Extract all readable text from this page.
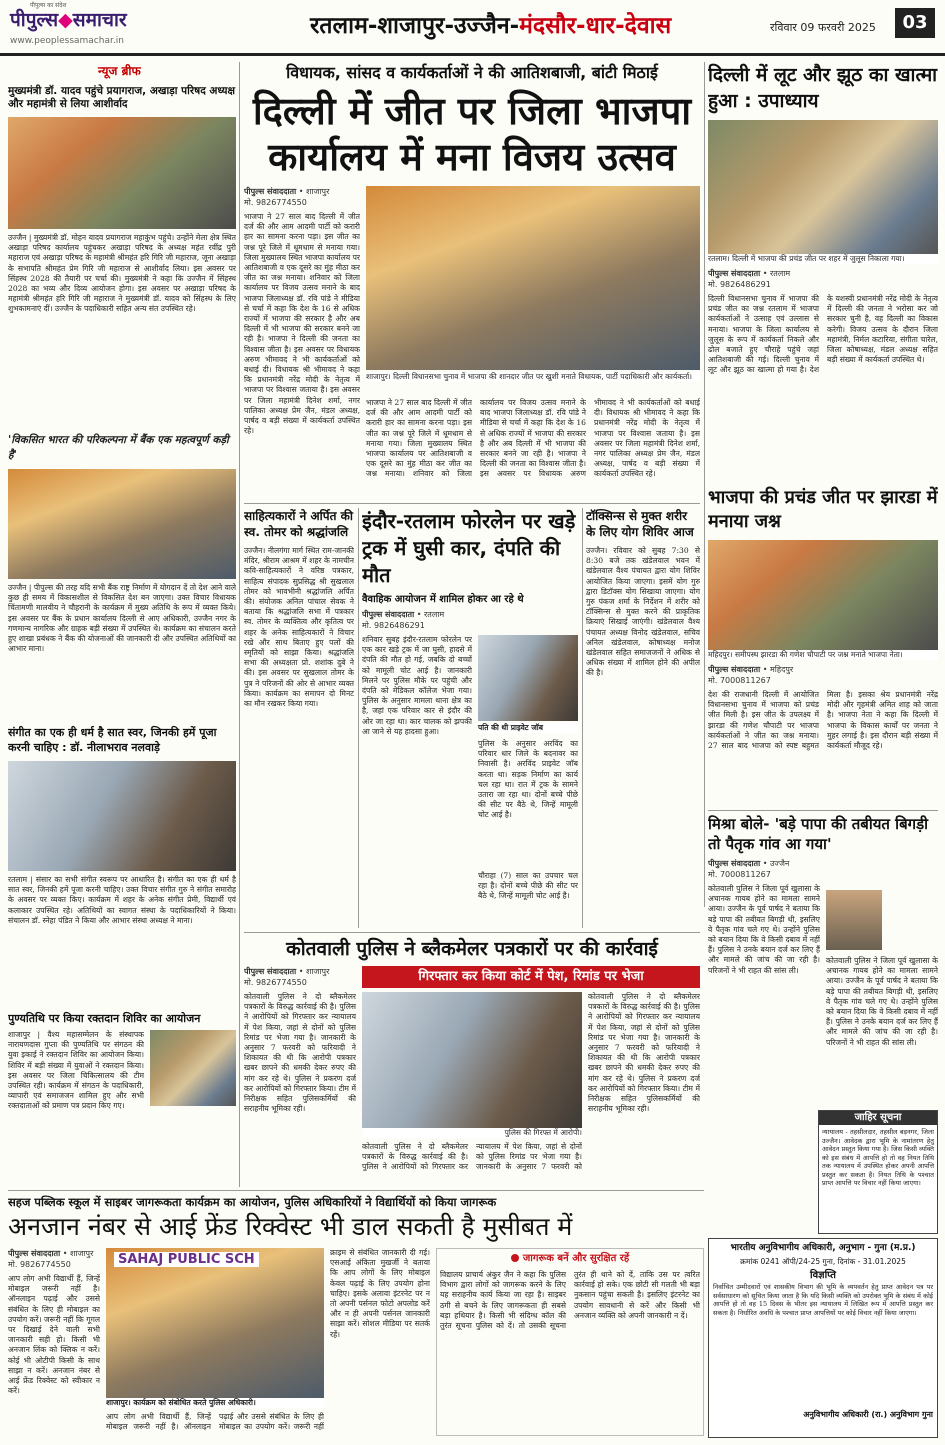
पीपुल्स का संदेश
पीपुल्स◆समाचार
www.peoplessamachar.in
रतलाम-शाजापुर-उज्जैन-मंदसौर-धार-देवास	रविवार 09 फरवरी 2025	03
न्यूज ब्रीफ
मुख्यमंत्री डॉ. यादव पहुंचे प्रयागराज, अखाड़ा परिषद अध्यक्ष और महामंत्री से लिया आशीर्वाद
उज्जैन | मुख्यमंत्री डॉ. मोहन यादव प्रयागराज महाकुंभ पहुंचे। उन्होंने मेला क्षेत्र स्थित अखाड़ा परिषद कार्यालय पहुंचकर अखाड़ा परिषद के अध्यक्ष महंत रवींद्र पुरी महाराज एवं अखाड़ा परिषद के महामंत्री श्रीमहंत हरि गिरि जी महाराज, जूना अखाड़ा के सभापति श्रीमहंत प्रेम गिरि जी महाराज से आशीर्वाद लिया। इस अवसर पर सिंहस्थ 2028 की तैयारी पर चर्चा की। मुख्यमंत्री ने कहा कि उज्जैन में सिंहस्थ 2028 का भव्य और दिव्य आयोजन होगा। इस अवसर पर अखाड़ा परिषद के महामंत्री श्रीमहंत हरि गिरि जी महाराज ने मुख्यमंत्री डॉ. यादव को सिंहस्थ के लिए शुभकामनाएं दीं। उज्जैन के पदाधिकारी सहित अन्य संत उपस्थित रहे।
'विकसित भारत की परिकल्पना में बैंक एक महत्वपूर्ण कड़ी है'
उज्जैन | पीपुल्स की तरह यदि सभी बैंक राष्ट्र निर्माण में योगदान दें तो देश आने वाले कुछ ही समय में विकासशील से विकसित देश बन जाएगा। उक्त विचार विधायक चिंतामणी मालवीय ने चौहरानी के कार्यक्रम में मुख्य अतिथि के रूप में व्यक्त किये। इस अवसर पर बैंक के प्रधान कार्यालय दिल्ली से आए अधिकारी, उज्जैन नगर के गणमान्य नागरिक और ग्राहक बड़ी संख्या में उपस्थित थे। कार्यक्रम का संचालन करते हुए शाखा प्रबंधक ने बैंक की योजनाओं की जानकारी दी और उपस्थित अतिथियों का आभार माना।
संगीत का एक ही धर्म है सात स्वर, जिनकी हमें पूजा करनी चाहिए : डॉ. नीलाभराव नलवाड़े
रतलाम | संसार का सभी संगीत स्वरूप पर आधारित है। संगीत का एक ही धर्म है सात स्वर, जिनकी हमें पूजा करनी चाहिए। उक्त विचार संगीत गुरु ने संगीत समारोह के अवसर पर व्यक्त किए। कार्यक्रम में शहर के अनेक संगीत प्रेमी, विद्यार्थी एवं कलाकार उपस्थित रहे। अतिथियों का स्वागत संस्था के पदाधिकारियों ने किया। संचालन डॉ. स्नेहा पंडित ने किया और आभार संस्था अध्यक्ष ने माना।
पुण्यतिथि पर किया रक्तदान शिविर का आयोजन
शाजापुर | वैश्य महासम्मेलन के संस्थापक नारायणदास गुप्ता की पुण्यतिथि पर संगठन की युवा इकाई ने रक्तदान शिविर का आयोजन किया। शिविर में बड़ी संख्या में युवाओं ने रक्तदान किया। इस अवसर पर जिला चिकित्सालय की टीम उपस्थित रही। कार्यक्रम में संगठन के पदाधिकारी, व्यापारी एवं समाजजन शामिल हुए और सभी रक्तदाताओं को प्रमाण पत्र प्रदान किए गए।
विधायक, सांसद व कार्यकर्ताओं ने की आतिशबाजी, बांटी मिठाई
दिल्ली में जीत पर जिला भाजपा कार्यालय में मना विजय उत्सव
पीपुल्स संवाददाता • शाजापुर
मो. 9826774550
भाजपा ने 27 साल बाद दिल्ली में जीत दर्ज की और आम आदमी पार्टी को करारी हार का सामना करना पड़ा। इस जीत का जश्न पूरे जिले में धूमधाम से मनाया गया। जिला मुख्यालय स्थित भाजपा कार्यालय पर आतिशबाजी व एक दूसरे का मुंह मीठा कर जीत का जश्न मनाया। शनिवार को जिला कार्यालय पर विजय उत्सव मनाने के बाद भाजपा जिलाध्यक्ष डॉ. रवि पांडे ने मीडिया से चर्चा में कहा कि देश के 16 से अधिक राज्यों में भाजपा की सरकार है और अब दिल्ली में भी भाजपा की सरकार बनने जा रही है। भाजपा ने दिल्ली की जनता का विश्वास जीता है। इस अवसर पर विधायक अरुण भीमावद ने भी कार्यकर्ताओं को बधाई दी। विधायक श्री भीमावद ने कहा कि प्रधानमंत्री नरेंद्र मोदी के नेतृत्व में भाजपा पर विश्वास जताया है। इस अवसर पर जिला महामंत्री दिनेश शर्मा, नगर पालिका अध्यक्ष प्रेम जैन, मंडल अध्यक्ष, पार्षद व बड़ी संख्या में कार्यकर्ता उपस्थित रहे।
शाजापुर। दिल्ली विधानसभा चुनाव में भाजपा की शानदार जीत पर खुशी मनाते विधायक, पार्टी पदाधिकारी और कार्यकर्ता।
भाजपा ने 27 साल बाद दिल्ली में जीत दर्ज की और आम आदमी पार्टी को करारी हार का सामना करना पड़ा। इस जीत का जश्न पूरे जिले में धूमधाम से मनाया गया। जिला मुख्यालय स्थित भाजपा कार्यालय पर आतिशबाजी व एक दूसरे का मुंह मीठा कर जीत का जश्न मनाया। शनिवार को जिला कार्यालय पर विजय उत्सव मनाने के बाद भाजपा जिलाध्यक्ष डॉ. रवि पांडे ने मीडिया से चर्चा में कहा कि देश के 16 से अधिक राज्यों में भाजपा की सरकार है और अब दिल्ली में भी भाजपा की सरकार बनने जा रही है। भाजपा ने दिल्ली की जनता का विश्वास जीता है। इस अवसर पर विधायक अरुण भीमावद ने भी कार्यकर्ताओं को बधाई दी। विधायक श्री भीमावद ने कहा कि प्रधानमंत्री नरेंद्र मोदी के नेतृत्व में भाजपा पर विश्वास जताया है। इस अवसर पर जिला महामंत्री दिनेश शर्मा, नगर पालिका अध्यक्ष प्रेम जैन, मंडल अध्यक्ष, पार्षद व बड़ी संख्या में कार्यकर्ता उपस्थित रहे।
दिल्ली में लूट और झूठ का खात्मा हुआ : उपाध्याय
रतलाम। दिल्ली में भाजपा की प्रचंड जीत पर शहर में जुलूस निकाला गया।
पीपुल्स संवाददाता • रतलाम
मो. 9826486291
दिल्ली विधानसभा चुनाव में भाजपा की प्रचंड जीत का जश्न रतलाम में भाजपा कार्यकर्ताओं ने उत्साह एवं उल्लास से मनाया। भाजपा के जिला कार्यालय से जुलूस के रूप में कार्यकर्ता निकले और ढोल बजाते हुए चौराहे पहुंचे जहां आतिशबाजी की गई। दिल्ली चुनाव में लूट और झूठ का खात्मा हो गया है। देश के यशस्वी प्रधानमंत्री नरेंद्र मोदी के नेतृत्व में दिल्ली की जनता ने भरोसा कर जो सरकार चुनी है, वह दिल्ली का विकास करेगी। विजय उत्सव के दौरान जिला महामंत्री, निर्मल कटारिया, संगीता चारेल, जिला कोषाध्यक्ष, मंडल अध्यक्ष सहित बड़ी संख्या में कार्यकर्ता उपस्थित थे।
साहित्यकारों ने अर्पित की स्व. तोमर को श्रद्धांजलि
उज्जैन। नीलगंगा मार्ग स्थित राम-जानकी मंदिर, श्रीराम आश्रम में शहर के नामचीन कवि-साहित्यकारों ने वरिष्ठ पत्रकार, साहित्य संपादक सुप्रसिद्ध श्री सुखलाल तोमर को भावभीनी श्रद्धांजलि अर्पित की। संयोजक अनिल पांचाल सेवक ने बताया कि श्रद्धांजलि सभा में पत्रकार स्व. तोमर के व्यक्तित्व और कृतित्व पर शहर के अनेक साहित्यकारों ने विचार रखे और साथ बिताए हुए पलों की स्मृतियों को साझा किया। श्रद्धांजलि सभा की अध्यक्षता प्रो. शशांक दुबे ने की। इस अवसर पर सुखलाल तोमर के पुत्र ने परिजनों की ओर से आभार व्यक्त किया। कार्यक्रम का समापन दो मिनट का मौन रखकर किया गया।
इंदौर-रतलाम फोरलेन पर खड़े ट्रक में घुसी कार, दंपति की मौत
वैवाहिक आयोजन में शामिल होकर आ रहे थे
पीपुल्स संवाददाता • रतलाम
मो. 9826486291
शनिवार सुबह इंदौर-रतलाम फोरलेन पर एक कार खड़े ट्रक में जा घुसी, हादसे में दंपति की मौत हो गई, जबकि दो बच्चों को मामूली चोट आई है। जानकारी मिलने पर पुलिस मौके पर पहुंची और दंपति को मेडिकल कॉलेज भेजा गया। पुलिस के अनुसार मामला थाना क्षेत्र का है, जहां एक परिवार कार से इंदौर की ओर जा रहा था। कार चालक को झपकी आ जाने से यह हादसा हुआ।	पति की थी प्राइवेट जॉब
पुलिस के अनुसार अरविंद का परिवार धार जिले के बदनावर का निवासी है। अरविंद प्राइवेट जॉब करता था। सड़क निर्माण का कार्य चल रहा था। रात में ट्रक के सामने उतारा जा रहा था। दोनों बच्चे पीछे की सीट पर बैठे थे, जिन्हें मामूली चोट आई है।
चौराहा (7) साल का उपचार चल रहा है। दोनों बच्चे पीछे की सीट पर बैठे थे, जिन्हें मामूली चोट आई है।
टॉक्सिन्स से मुक्त शरीर के लिए योग शिविर आज
उज्जैन। रविवार को सुबह 7:30 से 8:30 बजे तक खंडेलवाल भवन में खंडेलवाल वैश्य पंचायत द्वारा योग शिविर आयोजित किया जाएगा। इसमें योग गुरु द्वारा डिटॉक्स योग सिखाया जाएगा। योग गुरु पंकज शर्मा के निर्देशन में शरीर को टॉक्सिन्स से मुक्त करने की प्राकृतिक क्रियाएं सिखाई जाएंगी। खंडेलवाल वैश्य पंचायत अध्यक्ष विनोद खंडेलवाल, सचिव अनिल खंडेलवाल, कोषाध्यक्ष मनोज खंडेलवाल सहित समाजजनों ने अधिक से अधिक संख्या में शामिल होने की अपील की है।
भाजपा की प्रचंड जीत पर झारडा में मनाया जश्न
महिदपुर। समीपस्थ झारडा की गणेश चौपाटी पर जश्न मनाते भाजपा नेता।
पीपुल्स संवाददाता • महिदपुर
मो. 7000811267
देश की राजधानी दिल्ली में आयोजित विधानसभा चुनाव में भाजपा को प्रचंड जीत मिली है। इस जीत के उपलक्ष्य में झारडा की गणेश चौपाटी पर भाजपा कार्यकर्ताओं ने जीत का जश्न मनाया। 27 साल बाद भाजपा को स्पष्ट बहुमत मिला है। इसका श्रेय प्रधानमंत्री नरेंद्र मोदी और गृहमंत्री अमित शाह को जाता है। भाजपा नेता ने कहा कि दिल्ली में भाजपा के विकास कार्यों पर जनता ने मुहर लगाई है। इस दौरान बड़ी संख्या में कार्यकर्ता मौजूद रहे।
मिश्रा बोले- 'बड़े पापा की तबीयत बिगड़ी तो पैतृक गांव आ गया'
पीपुल्स संवाददाता • उज्जैन
मो. 7000811267
कोतवाली पुलिस ने जिला पूर्व खुलासा के अचानक गायब होने का मामला सामने आया। उज्जैन के पूर्व पार्षद ने बताया कि बड़े पापा की तबीयत बिगड़ी थी, इसलिए वे पैतृक गांव चले गए थे। उन्होंने पुलिस को बयान दिया कि वे किसी दबाव में नहीं हैं। पुलिस ने उनके बयान दर्ज कर लिए हैं और मामले की जांच की जा रही है। परिजनों ने भी राहत की सांस ली।
कोतवाली पुलिस ने जिला पूर्व खुलासा के अचानक गायब होने का मामला सामने आया। उज्जैन के पूर्व पार्षद ने बताया कि बड़े पापा की तबीयत बिगड़ी थी, इसलिए वे पैतृक गांव चले गए थे। उन्होंने पुलिस को बयान दिया कि वे किसी दबाव में नहीं हैं। पुलिस ने उनके बयान दर्ज कर लिए हैं और मामले की जांच की जा रही है। परिजनों ने भी राहत की सांस ली।
कोतवाली पुलिस ने ब्लैकमेलर पत्रकारों पर की कार्रवाई
पीपुल्स संवाददाता • शाजापुर
मो. 9826774550
कोतवाली पुलिस ने दो ब्लैकमेलर पत्रकारों के विरुद्ध कार्रवाई की है। पुलिस ने आरोपियों को गिरफ्तार कर न्यायालय में पेश किया, जहां से दोनों को पुलिस रिमांड पर भेजा गया है। जानकारी के अनुसार 7 फरवरी को फरियादी ने शिकायत की थी कि आरोपी पत्रकार खबर छापने की धमकी देकर रुपए की मांग कर रहे थे। पुलिस ने प्रकरण दर्ज कर आरोपियों को गिरफ्तार किया। टीम में निरीक्षक सहित पुलिसकर्मियों की सराहनीय भूमिका रही।
गिरफ्तार कर किया कोर्ट में पेश, रिमांड पर भेजा
पुलिस की गिरफ्त में आरोपी।
कोतवाली पुलिस ने दो ब्लैकमेलर पत्रकारों के विरुद्ध कार्रवाई की है। पुलिस ने आरोपियों को गिरफ्तार कर न्यायालय में पेश किया, जहां से दोनों को पुलिस रिमांड पर भेजा गया है। जानकारी के अनुसार 7 फरवरी को फरियादी ने शिकायत की थी कि आरोपी पत्रकार खबर छापने की धमकी देकर रुपए की मांग कर रहे थे। पुलिस ने प्रकरण दर्ज कर आरोपियों को गिरफ्तार किया। टीम में निरीक्षक सहित पुलिसकर्मियों की सराहनीय भूमिका रही।
कोतवाली पुलिस ने दो ब्लैकमेलर पत्रकारों के विरुद्ध कार्रवाई की है। पुलिस ने आरोपियों को गिरफ्तार कर न्यायालय में पेश किया, जहां से दोनों को पुलिस रिमांड पर भेजा गया है। जानकारी के अनुसार 7 फरवरी को
जाहिर सूचना
न्यायालय - तहसीलदार, तहसील बड़नगर, जिला उज्जैन। आवेदक द्वारा भूमि के नामांतरण हेतु आवेदन प्रस्तुत किया गया है। जिस किसी व्यक्ति को इस संबंध में आपत्ति हो तो वह नियत तिथि तक न्यायालय में उपस्थित होकर अपनी आपत्ति प्रस्तुत कर सकता है। नियत तिथि के पश्चात प्राप्त आपत्ति पर विचार नहीं किया जाएगा।
भारतीय अनुविभागीय अधिकारी, अनुभाग - गुना (म.प्र.)
क्रमांक 0241 ऑपी/24-25 गुना, दिनांक - 31.01.2025
विज्ञप्ति
निर्वाचित उम्मीदवारों एवं शासकीय विभाग की भूमि के व्यपवर्तन हेतु प्राप्त आवेदन पत्र पर सर्वसाधारण को सूचित किया जाता है कि यदि किसी व्यक्ति को उपरोक्त भूमि के संबंध में कोई आपत्ति हो तो वह 15 दिवस के भीतर इस न्यायालय में लिखित रूप में आपत्ति प्रस्तुत कर सकता है। निर्धारित अवधि के पश्चात प्राप्त आपत्तियों पर कोई विचार नहीं किया जाएगा।
अनुविभागीय अधिकारी (रा.) अनुविभाग गुना
सहज पब्लिक स्कूल में साइबर जागरूकता कार्यक्रम का आयोजन, पुलिस अधिकारियों ने विद्यार्थियों को किया जागरूक
अनजान नंबर से आई फ्रेंड रिक्वेस्ट भी डाल सकती है मुसीबत में
पीपुल्स संवाददाता • शाजापुर
मो. 9826774550
आप लोग अभी विद्यार्थी हैं, जिन्हें मोबाइल जरूरी नहीं है। ऑनलाइन पढ़ाई और उससे संबंधित के लिए ही मोबाइल का उपयोग करें। जरूरी नहीं कि गूगल पर दिखाई देने वाली सभी जानकारी सही हो। किसी भी अनजान लिंक को क्लिक न करें। कोई भी ओटीपी किसी के साथ साझा न करें। अनजान नंबर से आई फ्रेंड रिक्वेस्ट को स्वीकार न करें।
SAHAJ PUBLIC SCH
शाजापुर। कार्यक्रम को संबोधित करते पुलिस अधिकारी।
आप लोग अभी विद्यार्थी हैं, जिन्हें मोबाइल जरूरी नहीं है। ऑनलाइन पढ़ाई और उससे संबंधित के लिए ही मोबाइल का उपयोग करें। जरूरी नहीं
क्राइम से संबंधित जानकारी दी गई। एसआई अंकिता मुखर्जी ने बताया कि आप लोगों के लिए मोबाइल केवल पढ़ाई के लिए उपयोग होना चाहिए। इसके अलावा इंटरनेट पर न तो अपनी पर्सनल फोटो अपलोड करें और न ही अपनी पर्सनल जानकारी साझा करें। सोशल मीडिया पर सतर्क रहें।
जागरूक बनें और सुरक्षित रहें
विद्यालय प्राचार्य अंकुर जैन ने कहा कि पुलिस विभाग द्वारा लोगों को जागरूक करने के लिए यह सराहनीय कार्य किया जा रहा है। साइबर ठगी से बचने के लिए जागरूकता ही सबसे बड़ा हथियार है। किसी भी संदिग्ध कॉल की तुरंत सूचना पुलिस को दें। तो उसकी सूचना तुरंत ही थाने को दें, ताकि उस पर त्वरित कार्रवाई हो सके। एक छोटी सी गलती भी बड़ा नुकसान पहुंचा सकती है। इसलिए इंटरनेट का उपयोग सावधानी से करें और किसी भी अनजान व्यक्ति को अपनी जानकारी न दें।
